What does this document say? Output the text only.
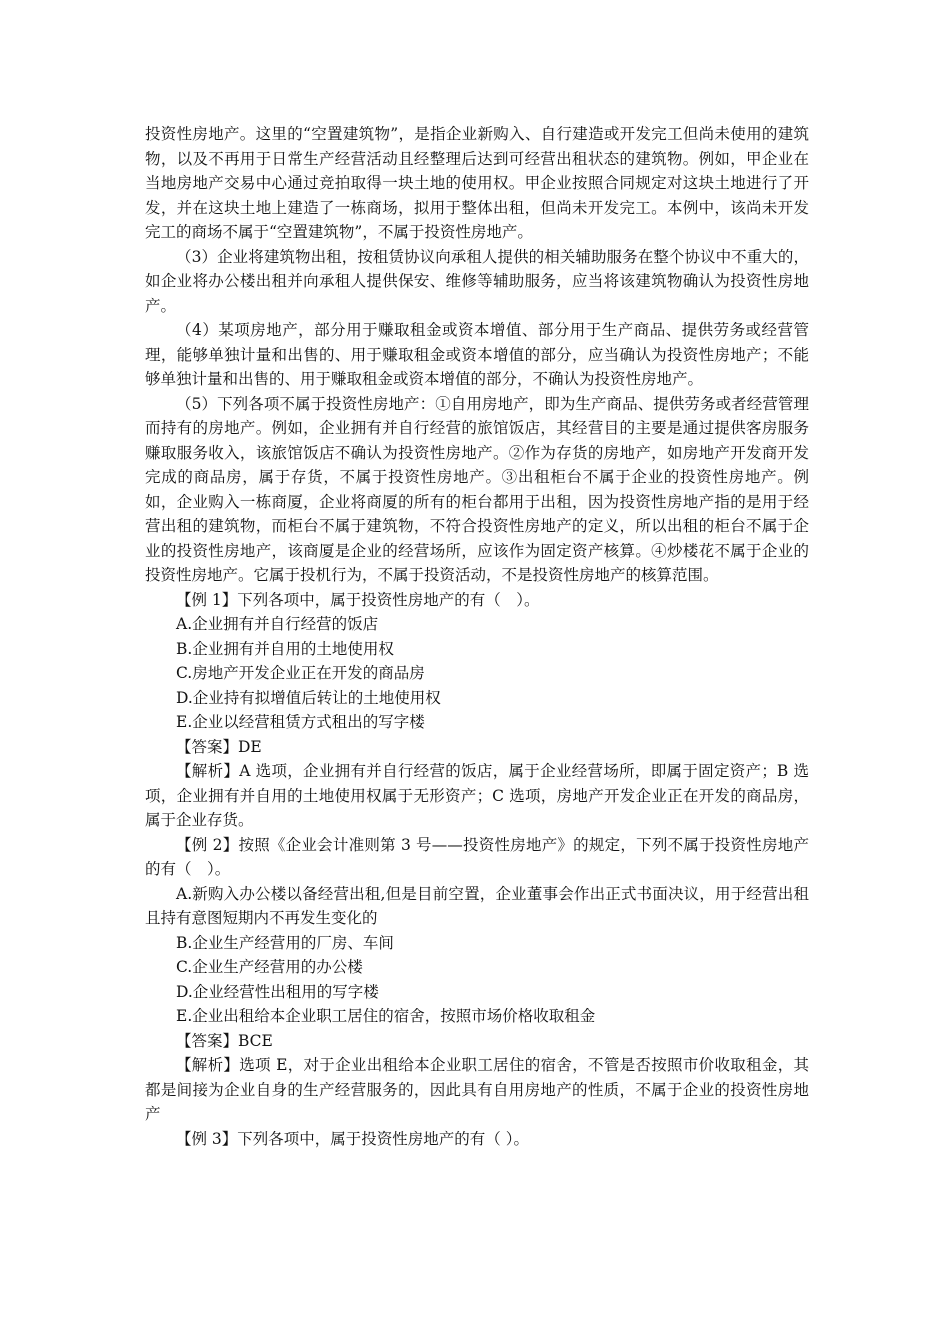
投资性房地产。这里的“空置建筑物”，是指企业新购入、自行建造或开发完工但尚未使用的建筑物，以及不再用于日常生产经营活动且经整理后达到可经营出租状态的建筑物。例如，甲企业在当地房地产交易中心通过竞拍取得一块土地的使用权。甲企业按照合同规定对这块土地进行了开发，并在这块土地上建造了一栋商场，拟用于整体出租，但尚未开发完工。本例中，该尚未开发完工的商场不属于“空置建筑物”，不属于投资性房地产。

（3）企业将建筑物出租，按租赁协议向承租人提供的相关辅助服务在整个协议中不重大的，如企业将办公楼出租并向承租人提供保安、维修等辅助服务，应当将该建筑物确认为投资性房地产。

（4）某项房地产，部分用于赚取租金或资本增值、部分用于生产商品、提供劳务或经营管理，能够单独计量和出售的、用于赚取租金或资本增值的部分，应当确认为投资性房地产；不能够单独计量和出售的、用于赚取租金或资本增值的部分，不确认为投资性房地产。

（5）下列各项不属于投资性房地产：①自用房地产，即为生产商品、提供劳务或者经营管理而持有的房地产。例如，企业拥有并自行经营的旅馆饭店，其经营目的主要是通过提供客房服务赚取服务收入，该旅馆饭店不确认为投资性房地产。②作为存货的房地产，如房地产开发商开发完成的商品房，属于存货，不属于投资性房地产。③出租柜台不属于企业的投资性房地产。例如，企业购入一栋商厦，企业将商厦的所有的柜台都用于出租，因为投资性房地产指的是用于经营出租的建筑物，而柜台不属于建筑物，不符合投资性房地产的定义，所以出租的柜台不属于企业的投资性房地产，该商厦是企业的经营场所，应该作为固定资产核算。④炒楼花不属于企业的投资性房地产。它属于投机行为，不属于投资活动，不是投资性房地产的核算范围。

【例 1】下列各项中，属于投资性房地产的有（　）。

A.企业拥有并自行经营的饭店

B.企业拥有并自用的土地使用权

C.房地产开发企业正在开发的商品房

D.企业持有拟增值后转让的土地使用权

E.企业以经营租赁方式租出的写字楼

【答案】DE

【解析】A 选项，企业拥有并自行经营的饭店，属于企业经营场所，即属于固定资产；B 选项，企业拥有并自用的土地使用权属于无形资产；C 选项，房地产开发企业正在开发的商品房，属于企业存货。

【例 2】按照《企业会计准则第 3 号——投资性房地产》的规定，下列不属于投资性房地产的有（　）。

A.新购入办公楼以备经营出租,但是目前空置，企业董事会作出正式书面决议，用于经营出租且持有意图短期内不再发生变化的

B.企业生产经营用的厂房、车间

C.企业生产经营用的办公楼

D.企业经营性出租用的写字楼

E.企业出租给本企业职工居住的宿舍，按照市场价格收取租金

【答案】BCE

【解析】选项 E，对于企业出租给本企业职工居住的宿舍，不管是否按照市价收取租金，其都是间接为企业自身的生产经营服务的，因此具有自用房地产的性质，不属于企业的投资性房地产

【例 3】下列各项中，属于投资性房地产的有（ ）。
